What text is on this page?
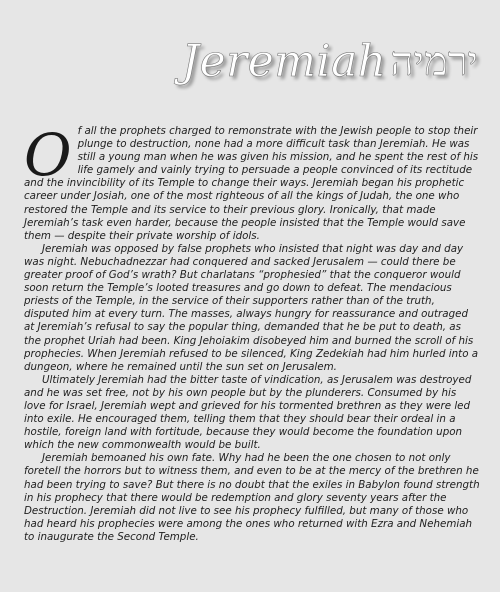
Jeremiah ירמיה

Of all the prophets charged to remonstrate with the Jewish people to stop their plunge to destruction, none had a more difficult task than Jeremiah. He was still a young man when he was given his mission, and he spent the rest of his life gamely and vainly trying to persuade a people convinced of its rectitude and the invincibility of its Temple to change their ways. Jeremiah began his prophetic career under Josiah, one of the most righteous of all the kings of Judah, the one who restored the Temple and its service to their previous glory. Ironically, that made Jeremiah’s task even harder, because the people insisted that the Temple would save them — despite their private worship of idols.

Jeremiah was opposed by false prophets who insisted that night was day and day was night. Nebuchadnezzar had conquered and sacked Jerusalem — could there be greater proof of God’s wrath? But charlatans “prophesied” that the conqueror would soon return the Temple’s looted treasures and go down to defeat. The mendacious priests of the Temple, in the service of their supporters rather than of the truth, disputed him at every turn. The masses, always hungry for reassurance and outraged at Jeremiah’s refusal to say the popular thing, demanded that he be put to death, as the prophet Uriah had been. King Jehoiakim disobeyed him and burned the scroll of his prophecies. When Jeremiah refused to be silenced, King Zedekiah had him hurled into a dungeon, where he remained until the sun set on Jerusalem.

Ultimately Jeremiah had the bitter taste of vindication, as Jerusalem was destroyed and he was set free, not by his own people but by the plunderers. Consumed by his love for Israel, Jeremiah wept and grieved for his tormented brethren as they were led into exile. He encouraged them, telling them that they should bear their ordeal in a hostile, foreign land with fortitude, because they would become the foundation upon which the new commonwealth would be built.

Jeremiah bemoaned his own fate. Why had he been the one chosen to not only foretell the horrors but to witness them, and even to be at the mercy of the brethren he had been trying to save? But there is no doubt that the exiles in Babylon found strength in his prophecy that there would be redemption and glory seventy years after the Destruction. Jeremiah did not live to see his prophecy fulfilled, but many of those who had heard his prophecies were among the ones who returned with Ezra and Nehemiah to inaugurate the Second Temple.
